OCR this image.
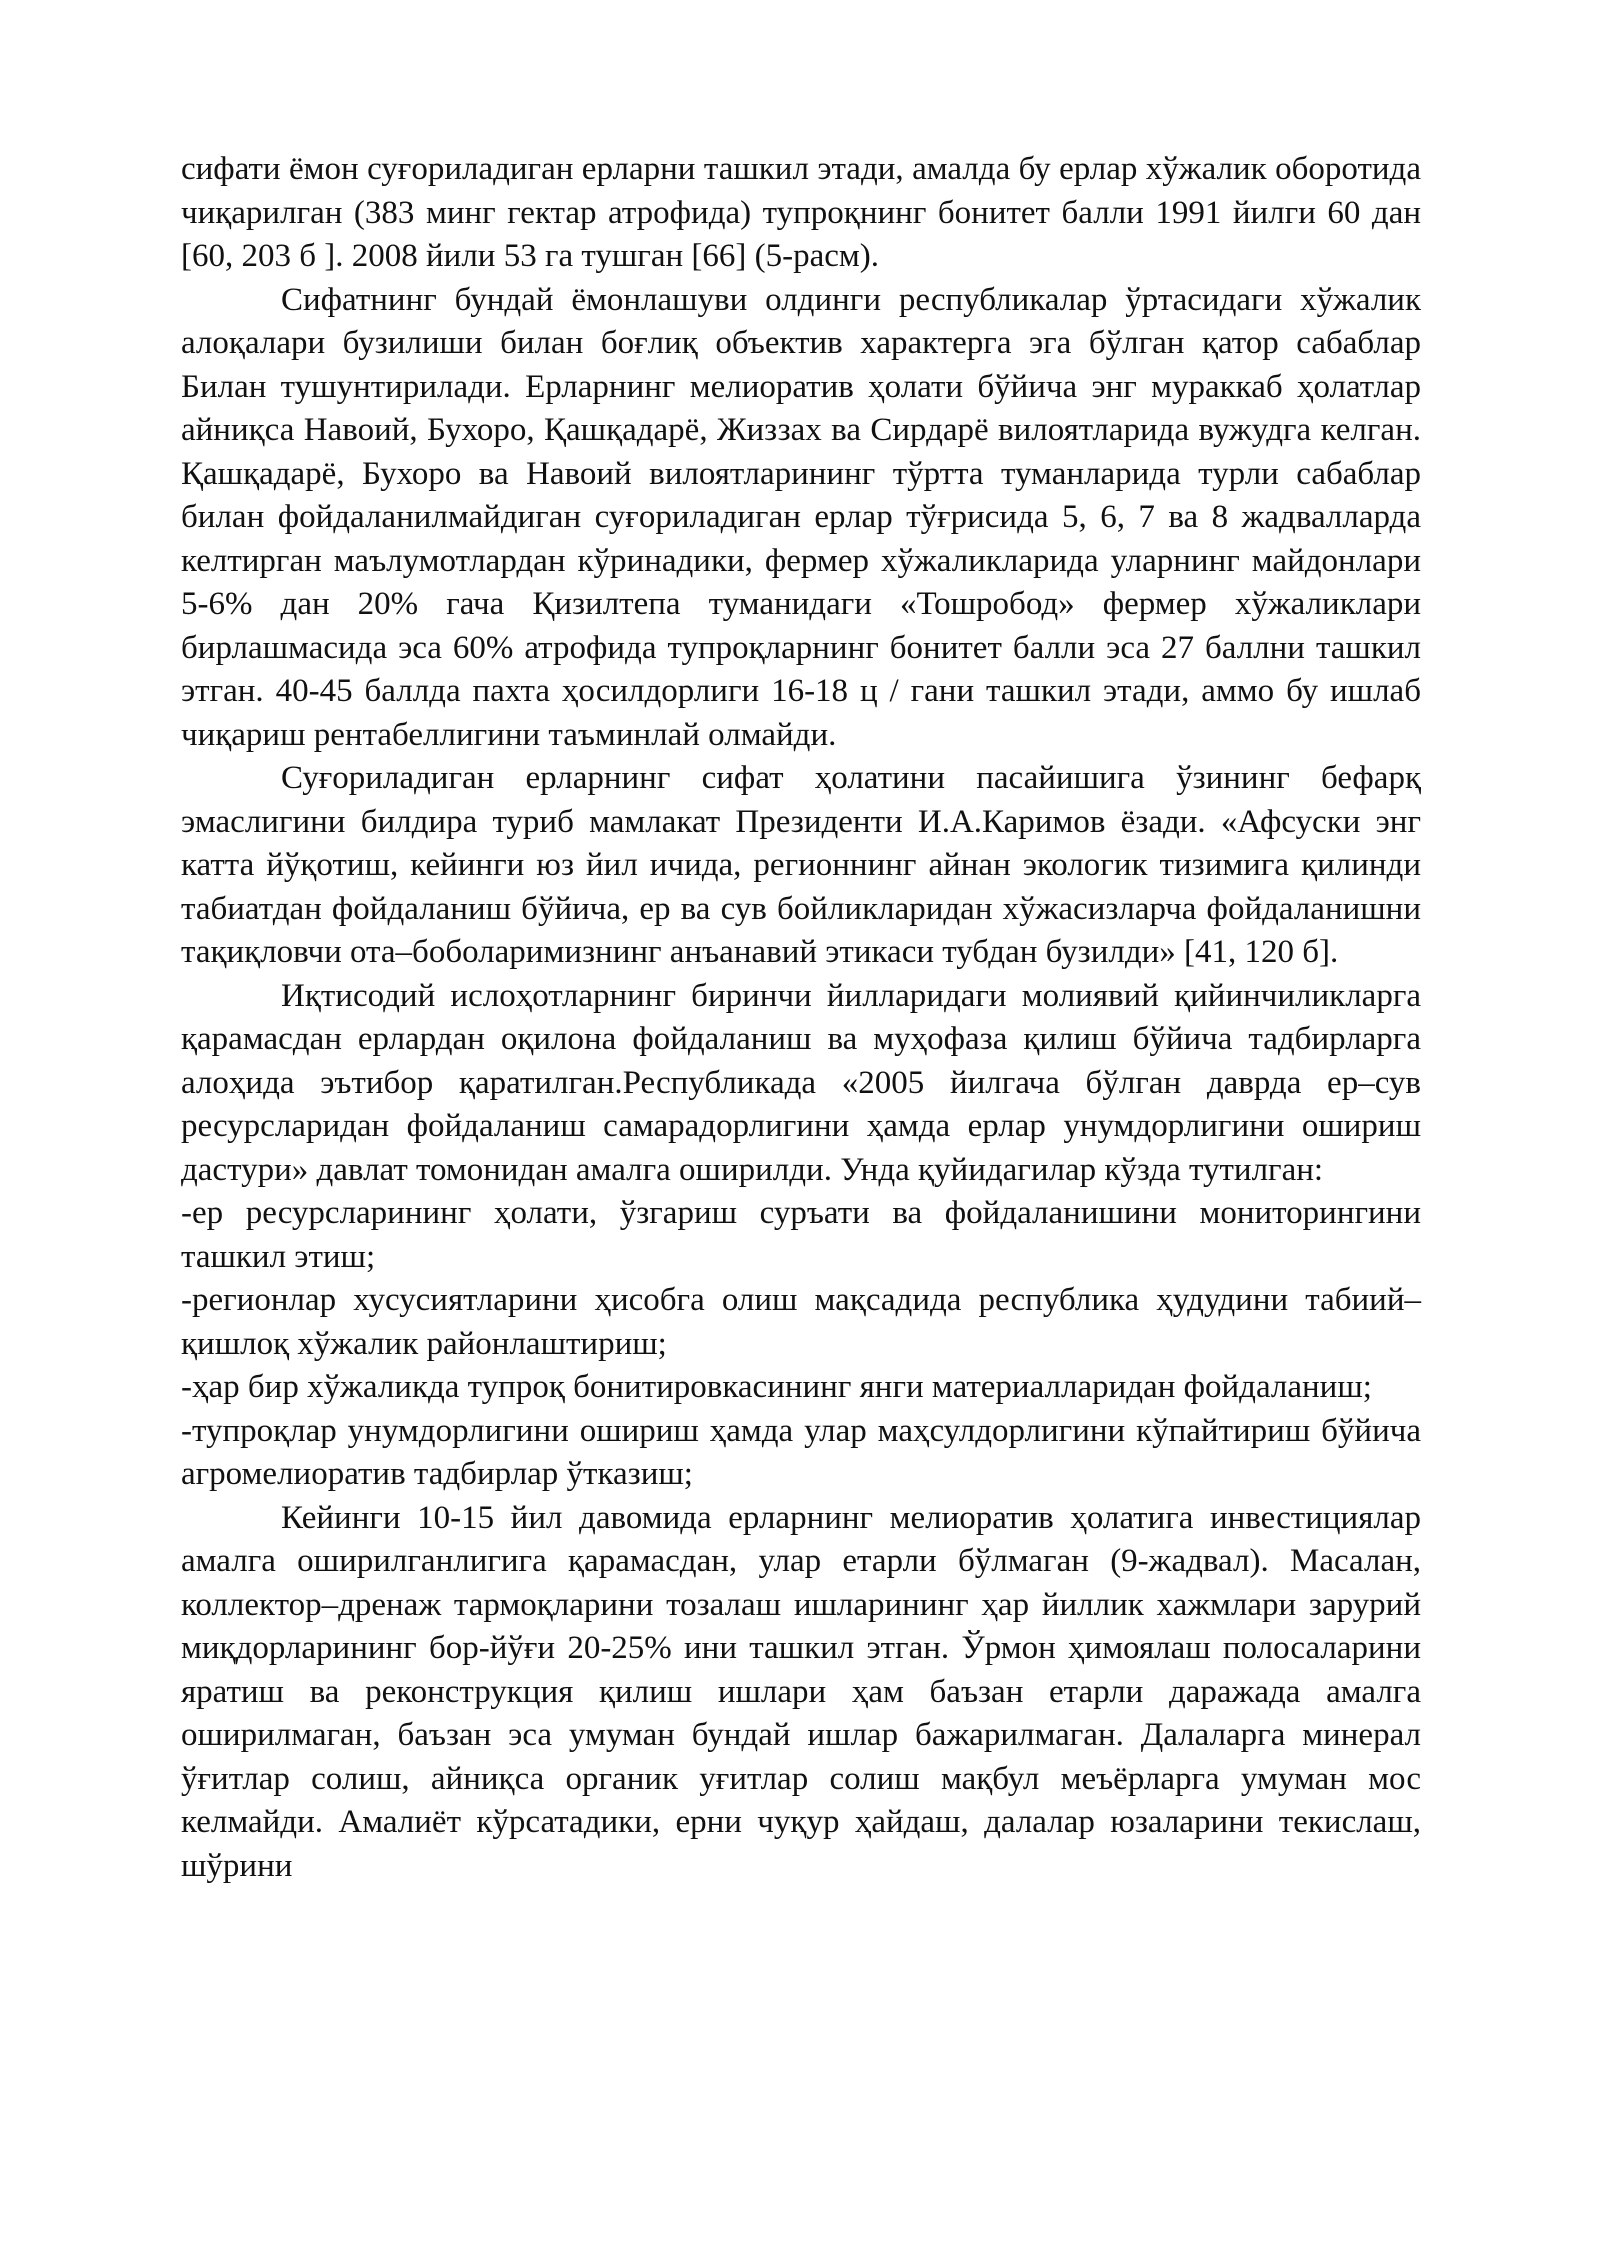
сифати ёмон суғориладиган ерларни ташкил этади, амалда бу ерлар хўжалик оборотида чиқарилган (383 минг гектар атрофида) тупроқнинг бонитет балли 1991 йилги 60 дан [60, 203 б ]. 2008 йили 53 га тушган [66] (5-расм).

Сифатнинг бундай ёмонлашуви олдинги республикалар ўртасидаги хўжалик алоқалари бузилиши билан боғлиқ объектив характерга эга бўлган қатор сабаблар Билан тушунтирилади. Ерларнинг мелиоратив ҳолати бўйича энг мураккаб ҳолатлар айниқса Навоий, Бухоро, Қашқадарё, Жиззах ва Сирдарё вилоятларида вужудга келган. Қашқадарё, Бухоро ва Навоий вилоятларининг тўртта туманларида турли сабаблар билан фойдаланилмайдиган суғориладиган ерлар тўғрисида 5, 6, 7 ва 8 жадвалларда келтирган маълумотлардан кўринадики, фермер хўжаликларида уларнинг майдонлари 5-6% дан 20% гача Қизилтепа туманидаги «Тошробод» фермер хўжаликлари бирлашмасида эса 60% атрофида тупроқларнинг бонитет балли эса 27 баллни ташкил этган. 40-45 баллда пахта ҳосилдорлиги 16-18 ц / гани ташкил этади, аммо бу ишлаб чиқариш рентабеллигини таъминлай олмайди.

Суғориладиган ерларнинг сифат ҳолатини пасайишига ўзининг бефарқ эмаслигини билдира туриб мамлакат Президенти И.А.Каримов ёзади. «Афсуски энг катта йўқотиш, кейинги юз йил ичида, регионнинг айнан экологик тизимига қилинди табиатдан фойдаланиш бўйича, ер ва сув бойликларидан хўжасизларча фойдаланишни тақиқловчи ота–боболаримизнинг анъанавий этикаси тубдан бузилди» [41, 120 б].

Иқтисодий ислоҳотларнинг биринчи йилларидаги молиявий қийинчиликларга қарамасдан ерлардан оқилона фойдаланиш ва муҳофаза қилиш бўйича тадбирларга алоҳида эътибор қаратилган.Республикада «2005 йилгача бўлган даврда ер–сув ресурсларидан фойдаланиш самарадорлигини ҳамда ерлар унумдорлигини ошириш дастури» давлат томонидан амалга оширилди. Унда қуйидагилар кўзда тутилган:

-ер ресурсларининг ҳолати, ўзгариш суръати ва фойдаланишини мониторингини ташкил этиш;

-регионлар хусусиятларини ҳисобга олиш мақсадида республика ҳудудини табиий–қишлоқ хўжалик районлаштириш;

-ҳар бир хўжаликда тупроқ бонитировкасининг янги материалларидан фойдаланиш;

-тупроқлар унумдорлигини ошириш ҳамда улар маҳсулдорлигини кўпайтириш бўйича агромелиоратив тадбирлар ўтказиш;

Кейинги 10-15 йил давомида ерларнинг мелиоратив ҳолатига инвестициялар амалга оширилганлигига қарамасдан, улар етарли бўлмаган (9-жадвал). Масалан, коллектор–дренаж тармоқларини тозалаш ишларининг ҳар йиллик хажмлари зарурий миқдорларининг бор-йўғи 20-25% ини ташкил этган. Ўрмон ҳимоялаш полосаларини яратиш ва реконструкция қилиш ишлари ҳам баъзан етарли даражада амалга оширилмаган, баъзан эса умуман бундай ишлар бажарилмаган. Далаларга минерал ўғитлар солиш, айниқса органик уғитлар солиш мақбул меъёрларга умуман мос келмайди. Амалиёт кўрсатадики, ерни чуқур ҳайдаш, далалар юзаларини текислаш, шўрини
